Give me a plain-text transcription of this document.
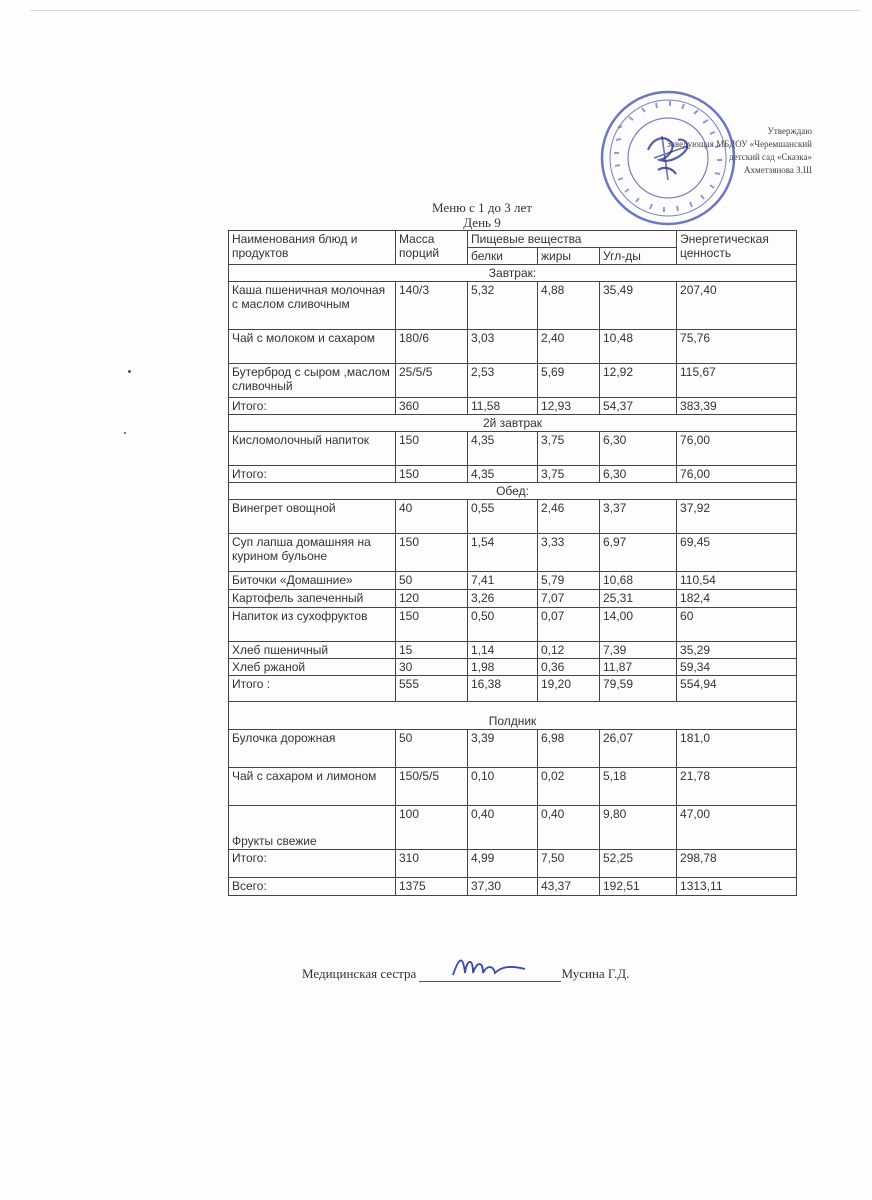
Утверждаю
Заведующая МБДОУ «Черемшанский
детский сад «Сказка»
Ахметзянова З.Ш
Меню с 1 до 3 лет
День 9
Наименования блюд и продуктов	Масса порций	Пищевые вещества			Энергетическая ценность
		белки	жиры	Угл-ды	
Завтрак:					
Каша пшеничная молочная с маслом сливочным	140/3	5,32	4,88	35,49	207,40
Чай с молоком и сахаром	180/6	3,03	2,40	10,48	75,76
Бутерброд с сыром ,маслом сливочный	25/5/5	2,53	5,69	12,92	115,67
Итого:	360	11,58	12,93	54,37	383,39
2й завтрак					
Кисломолочный напиток	150	4,35	3,75	6,30	76,00
Итого:	150	4,35	3,75	6,30	76,00
Обед:					
Винегрет овощной	40	0,55	2,46	3,37	37,92
Суп лапша домашняя на курином бульоне	150	1,54	3,33	6,97	69,45
Биточки «Домашние»	50	7,41	5,79	10,68	110,54
Картофель запеченный	120	3,26	7,07	25,31	182,4
Напиток из сухофруктов	150	0,50	0,07	14,00	60
Хлеб пшеничный	15	1,14	0,12	7,39	35,29
Хлеб ржаной	30	1,98	0,36	11,87	59,34
Итого :	555	16,38	19,20	79,59	554,94
Полдник					
Булочка дорожная	50	3,39	6,98	26,07	181,0
Чай с сахаром и лимоном	150/5/5	0,10	0,02	5,18	21,78
Фрукты свежие	100	0,40	0,40	9,80	47,00
Итого:	310	4,99	7,50	52,25	298,78
Всего:	1375	37,30	43,37	192,51	1313,11
Медицинская сестра	Мусина Г.Д.
